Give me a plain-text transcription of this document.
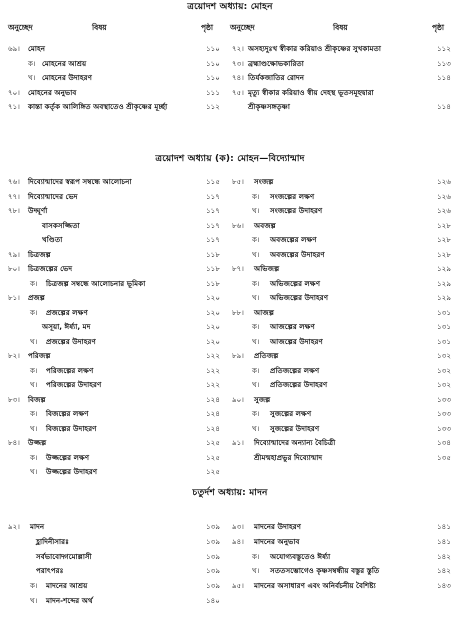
ত্রয়োদশ অধ্যায়: মোহন
অনুচ্ছেদ	বিষয়	পৃষ্ঠা অনুচ্ছেদ	বিষয়	পৃষ্ঠা
৬৯। মোহন	১১০
ক। মোহনের আশ্রয়	১১০
খ। মোহনের উদাহরণ	১১০
৭০। মোহনের অনুভাব	১১১
৭১। কান্তা কর্তৃক আলিঙ্গিত অবস্থাতেও শ্রীকৃষ্ণের মূর্চ্ছা	১১২
৭২। অসহ্যদুঃখ স্বীকার করিয়াও শ্রীকৃষ্ণের সুখকামতা	১১২
৭৩। ব্রহ্মাণ্ডক্ষোভকারিতা	১১৩
৭৪। তির্যকজাতির রোদন	১১৪
৭৫। মৃত্যু স্বীকার করিয়াও স্বীয় দেহস্থ ভূতসমূহদ্বারা
শ্রীকৃষ্ণসঙ্গতৃষ্ণা	১১৪
ত্রয়োদশ অধ্যায় (ক): মোহন—বিদ্যোন্মাদ
৭৬। দিব্যোন্মাদের স্বরূপ সম্বন্ধে আলোচনা	১১৫
৭৭। দিব্যোন্মাদের ভেদ	১১৭
৭৮। উদ্ঘূর্ণা	১১৭
বাসকসজ্জিতা	১১৭
খণ্ডিতা	১১৭
৭৯। চিত্রজল্প	১১৮
৮০। চিত্রজল্পের ভেদ	১১৮
ক। চিত্রজল্প সম্বন্ধে আলোচনার ভূমিকা	১১৮
৮১। প্রজল্প	১২০
ক। প্রজল্পের লক্ষণ	১২০
অসূয়া, ঈর্ষ্যা, মদ	১২০
খ। প্রজল্পের উদাহরণ	১২০
৮২। পরিজল্প	১২২
ক। পরিজল্পের লক্ষণ	১২২
খ। পরিজল্পের উদাহরণ	১২২
৮৩। বিজল্প	১২৪
ক। বিজল্পের লক্ষণ	১২৪
খ। বিজল্পের উদাহরণ	১২৪
৮৪। উজ্জল্প	১২৫
ক। উজ্জল্পের লক্ষণ	১২৫
খ। উজ্জল্পের উদাহরণ	১২৫
৮৫। সংজল্প	১২৬
ক। সংজল্পের লক্ষণ	১২৬
খ। সংজল্পের উদাহরণ	১২৬
৮৬। অবজল্প	১২৮
ক। অবজল্পের লক্ষণ	১২৮
খ। অবজল্পের উদাহরণ	১২৮
৮৭। অভিজল্প	১২৯
ক। অভিজল্পের লক্ষণ	১২৯
খ। অভিজল্পের উদাহরণ	১২৯
৮৮। আজল্প	১৩১
ক। আজল্পের লক্ষণ	১৩১
খ। আজল্পের উদাহরণ	১৩১
৮৯। প্রতিজল্প	১৩২
ক। প্রতিজল্পের লক্ষণ	১৩২
খ। প্রতিজল্পের উদাহরণ	১৩২
৯০। সুজল্প	১৩৩
ক। সুজল্পের লক্ষণ	১৩৩
খ। সুজল্পের উদাহরণ	১৩৩
৯১। দিব্যোন্মাদের অন্যান্য বৈচিত্রী	১৩৪
শ্রীমন্মহাপ্রভুর দিব্যোন্মাদ	১৩৫
চতুর্দশ অধ্যায়: মাদন
৯২। মাদন	১৩৯
হ্লাদিনীসারঃ	১৩৯
সর্বভাবোদ্গমোল্লাসী	১৩৯
পরাৎপরঃ	১৩৯
ক। মাদনের আশ্রয়	১৩৯
খ। মাদন-শব্দের অর্থ	১৪০
৯৩। মাদনের উদাহরণ	১৪১
৯৪। মাদনের অনুভাব	১৪১
ক। অযোগ্যবস্তুতেও ঈর্ষ্যা	১৪২
খ। সততসম্ভোগেও কৃষ্ণসম্বন্ধীয় বস্তুর স্তুতি	১৪২
৯৫। মাদনের অসাধারণ এবং অনির্বচনীয় বৈশিষ্ট্য	১৪৩
